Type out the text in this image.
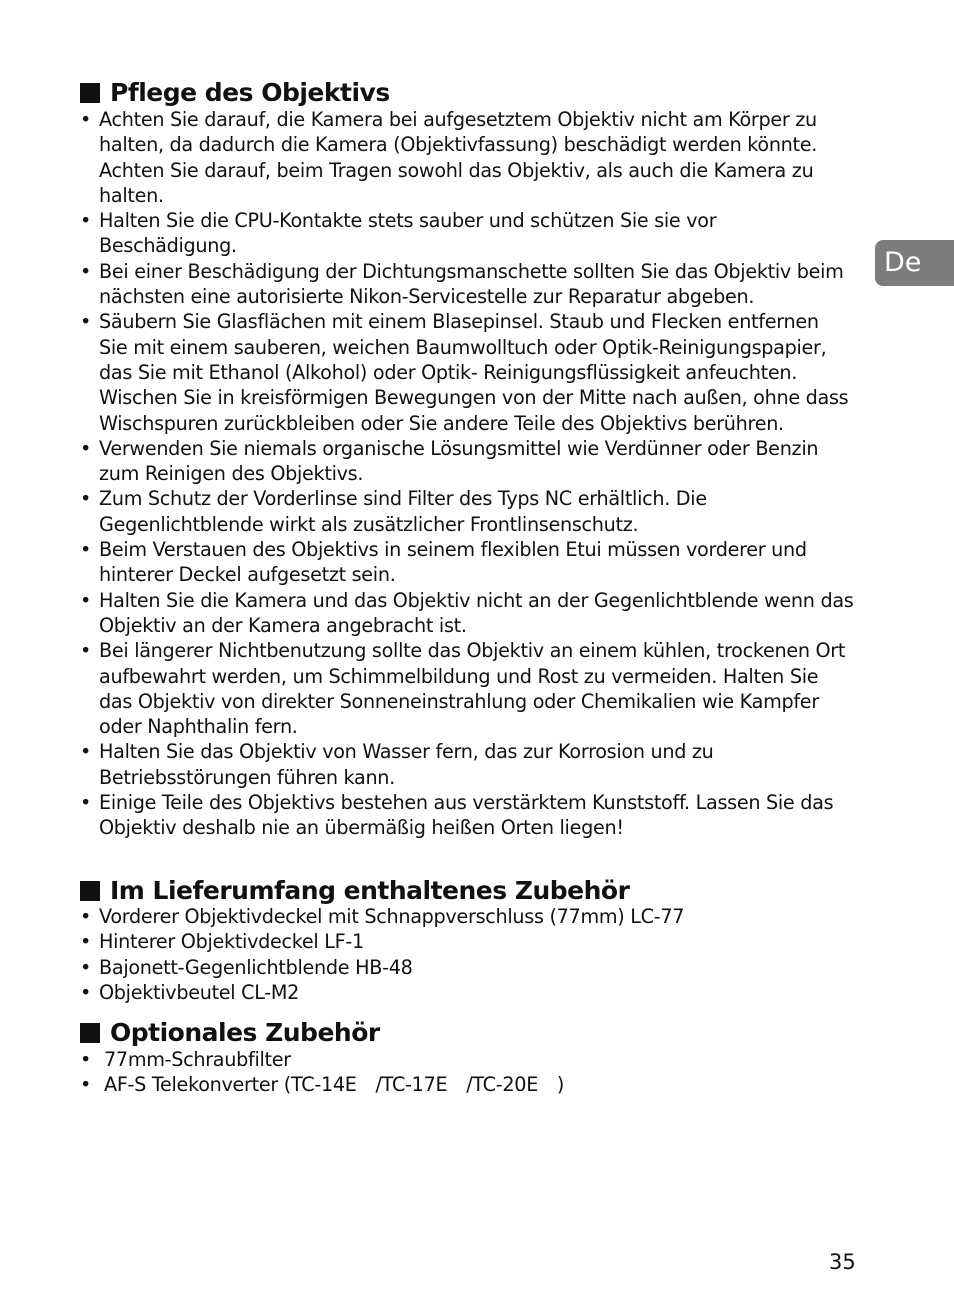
De
Pflege des Objektivs
• Achten Sie darauf, die Kamera bei aufgesetztem Objektiv nicht am Körper zu
halten, da dadurch die Kamera (Objektivfassung) beschädigt werden könnte.
Achten Sie darauf, beim Tragen sowohl das Objektiv, als auch die Kamera zu
halten.
• Halten Sie die CPU-Kontakte stets sauber und schützen Sie sie vor
Beschädigung.
• Bei einer Beschädigung der Dichtungsmanschette sollten Sie das Objektiv beim
nächsten eine autorisierte Nikon-Servicestelle zur Reparatur abgeben.
• Säubern Sie Glasflächen mit einem Blasepinsel. Staub und Flecken entfernen
Sie mit einem sauberen, weichen Baumwolltuch oder Optik-Reinigungspapier,
das Sie mit Ethanol (Alkohol) oder Optik- Reinigungsflüssigkeit anfeuchten.
Wischen Sie in kreisförmigen Bewegungen von der Mitte nach außen, ohne dass
Wischspuren zurückbleiben oder Sie andere Teile des Objektivs berühren.
• Verwenden Sie niemals organische Lösungsmittel wie Verdünner oder Benzin
zum Reinigen des Objektivs.
• Zum Schutz der Vorderlinse sind Filter des Typs NC erhältlich. Die
Gegenlichtblende wirkt als zusätzlicher Frontlinsenschutz.
• Beim Verstauen des Objektivs in seinem flexiblen Etui müssen vorderer und
hinterer Deckel aufgesetzt sein.
• Halten Sie die Kamera und das Objektiv nicht an der Gegenlichtblende wenn das
Objektiv an der Kamera angebracht ist.
• Bei längerer Nichtbenutzung sollte das Objektiv an einem kühlen, trockenen Ort
aufbewahrt werden, um Schimmelbildung und Rost zu vermeiden. Halten Sie
das Objektiv von direkter Sonneneinstrahlung oder Chemikalien wie Kampfer
oder Naphthalin fern.
• Halten Sie das Objektiv von Wasser fern, das zur Korrosion und zu
Betriebsstörungen führen kann.
• Einige Teile des Objektivs bestehen aus verstärktem Kunststoff. Lassen Sie das
Objektiv deshalb nie an übermäßig heißen Orten liegen!
Im Lieferumfang enthaltenes Zubehör
• Vorderer Objektivdeckel mit Schnappverschluss (77mm) LC-77
• Hinterer Objektivdeckel LF-1
• Bajonett-Gegenlichtblende HB-48
• Objektivbeutel CL-M2
Optionales Zubehör
• 77mm-Schraubfilter
• AF-S Telekonverter (TC-14E　/TC-17E　/TC-20E　)
35
